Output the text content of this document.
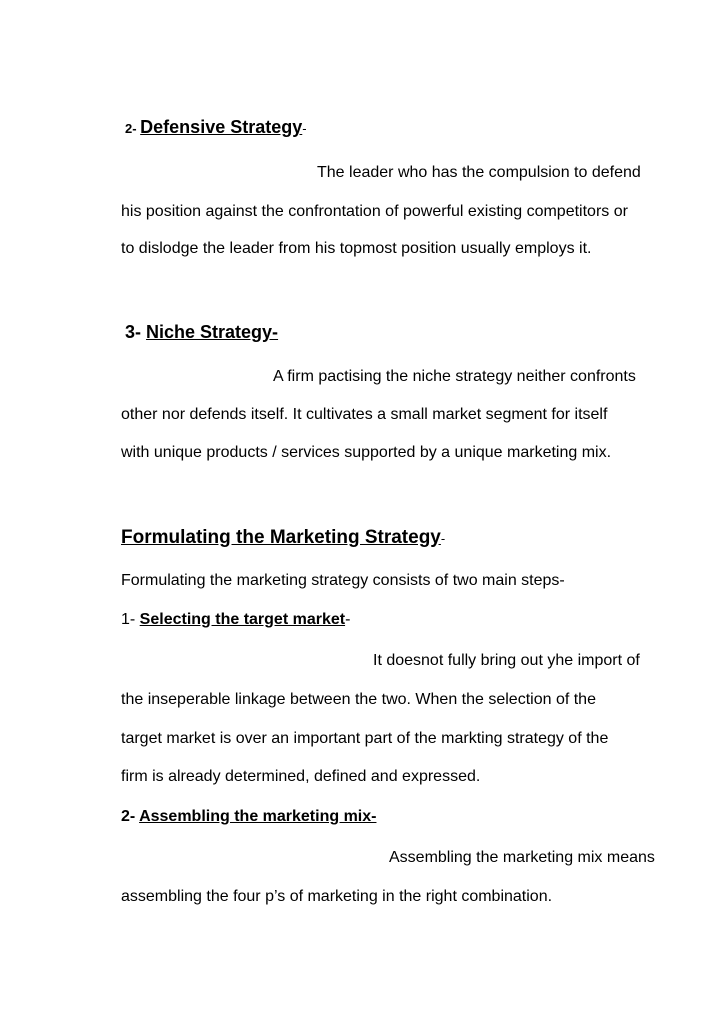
2- Defensive Strategy-
The leader who has the compulsion to defend
his position against the confrontation of powerful existing competitors or
to dislodge the leader from his topmost position usually employs it.
3- Niche Strategy-
A firm pactising the niche strategy neither confronts
other nor defends itself. It cultivates a small market segment for itself
with unique products / services supported by a unique marketing mix.
Formulating the Marketing Strategy-
Formulating the marketing strategy consists of two main steps-
1- Selecting the target market-
It doesnot fully bring out yhe import of
the inseperable linkage between the two. When the selection of the
target market is over an important part of the markting strategy of the
firm is already determined, defined and expressed.
2- Assembling the marketing mix-
Assembling the marketing mix means
assembling the four p’s of marketing in the right combination.
